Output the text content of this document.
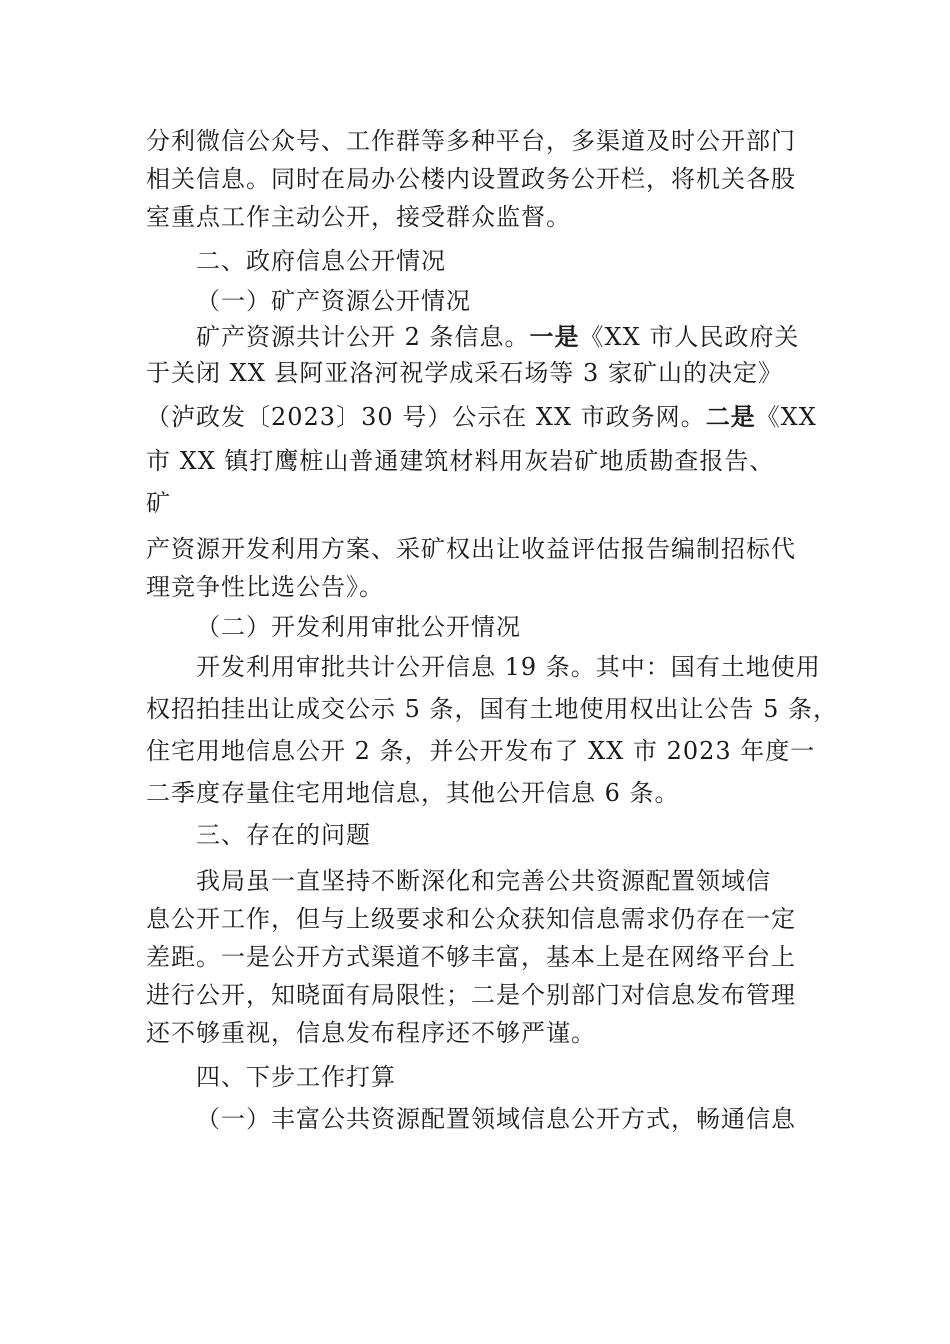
分利微信公众号、工作群等多种平台，多渠道及时公开部门
相关信息。同时在局办公楼内设置政务公开栏，将机关各股
室重点工作主动公开，接受群众监督。
二、政府信息公开情况
（一）矿产资源公开情况
矿产资源共计公开 2 条信息。一是《XX 市人民政府关
于关闭 XX 县阿亚洛河祝学成采石场等 3 家矿山的决定》
（泸政发〔2023〕30 号）公示在 XX 市政务网。二是《XX
市 XX 镇打鹰桩山普通建筑材料用灰岩矿地质勘查报告、
矿
产资源开发利用方案、采矿权出让收益评估报告编制招标代
理竞争性比选公告》。
（二）开发利用审批公开情况
开发利用审批共计公开信息 19 条。其中：国有土地使用
权招拍挂出让成交公示 5 条，国有土地使用权出让公告 5 条，
住宅用地信息公开 2 条，并公开发布了 XX 市 2023 年度一
二季度存量住宅用地信息，其他公开信息 6 条。
三、存在的问题
我局虽一直坚持不断深化和完善公共资源配置领域信
息公开工作，但与上级要求和公众获知信息需求仍存在一定
差距。一是公开方式渠道不够丰富，基本上是在网络平台上
进行公开，知晓面有局限性；二是个别部门对信息发布管理
还不够重视，信息发布程序还不够严谨。
四、下步工作打算
（一）丰富公共资源配置领域信息公开方式，畅通信息
